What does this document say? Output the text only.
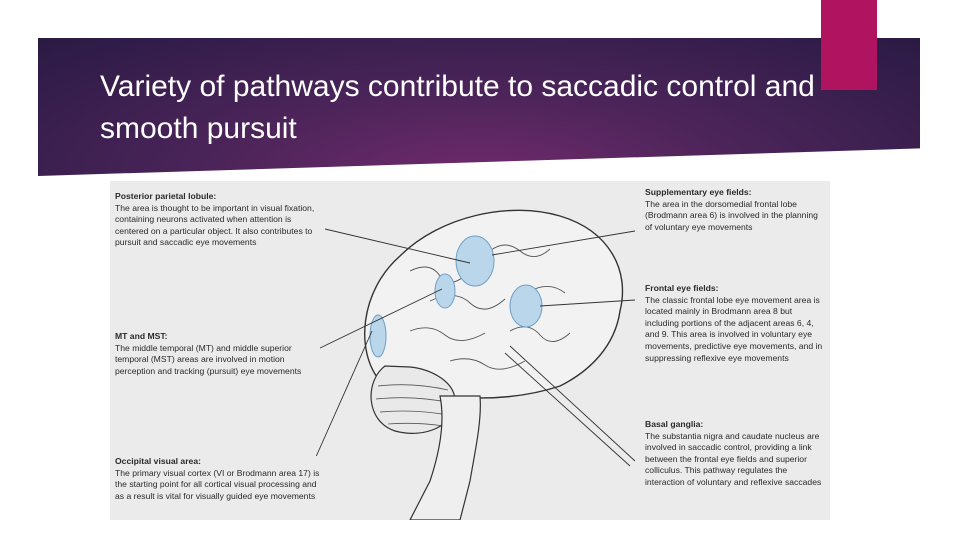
Variety of pathways contribute to saccadic control and smooth pursuit
Posterior parietal lobule:
The area is thought to be important in visual fixation, containing neurons activated when attention is centered on a particular object. It also contributes to pursuit and saccadic eye movements
MT and MST:
The middle temporal (MT) and middle superior temporal (MST) areas are involved in motion perception and tracking (pursuit) eye movements
Occipital visual area:
The primary visual cortex (VI or Brodmann area 17) is the starting point for all cortical visual processing and as a result is vital for visually guided eye movements
Supplementary eye fields:
The area in the dorsomedial frontal lobe (Brodmann area 6) is involved in the planning of voluntary eye movements
Frontal eye fields:
The classic frontal lobe eye movement area is located mainly in Brodmann area 8 but including portions of the adjacent areas 6, 4, and 9. This area is involved in voluntary eye movements, predictive eye movements, and in suppressing reflexive eye movements
Basal ganglia:
The substantia nigra and caudate nucleus are involved in saccadic control, providing a link between the frontal eye fields and superior colliculus. This pathway regulates the interaction of voluntary and reflexive saccades
